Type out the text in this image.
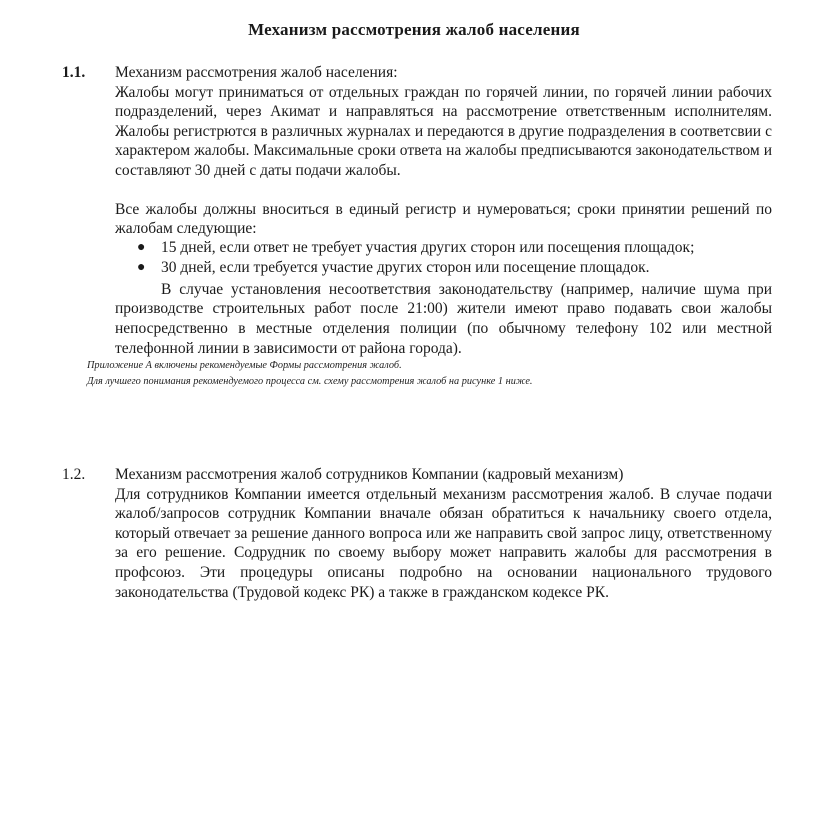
Механизм рассмотрения жалоб населения
1.1. Механизм рассмотрения жалоб населения:

Жалобы могут приниматься от отдельных граждан по горячей линии, по горячей линии рабочих подразделений, через Акимат и направляться на рассмотрение ответственным исполнителям. Жалобы регистрются в различных журналах и передаются в другие подразделения в соответсвии с характером жалобы. Максимальные сроки ответа на жалобы предписываются законодательством и составляют 30 дней с даты подачи жалобы.

Все жалобы должны вноситься в единый регистр и нумероваться; сроки принятии решений по жалобам следующие:

● 15 дней, если ответ не требует участия других сторон или посещения площадок;
● 30 дней, если требуется участие других сторон или посещение площадок.

В случае установления несоответствия законодательству (например, наличие шума при производстве строительных работ после 21:00) жители имеют право подавать свои жалобы непосредственно в местные отделения полиции (по обычному телефону 102 или местной телефонной линии в зависимости от района города).

Приложение А включены рекомендуемые Формы рассмотрения жалоб.
Для лучшего понимания рекомендуемого процесса см. схему рассмотрения жалоб на рисунке 1 ниже.
1.2. Механизм рассмотрения жалоб сотрудников Компании (кадровый механизм)

Для сотрудников Компании имеется отдельный механизм рассмотрения жалоб. В случае подачи жалоб/запросов сотрудник Компании вначале обязан обратиться к начальнику своего отдела, который отвечает за решение данного вопроса или же направить свой запрос лицу, ответственному за его решение. Содрудник по своему выбору может направить жалобы для рассмотрения в профсоюз. Эти процедуры описаны подробно на основании национального трудового законодательства (Трудовой кодекс РК) а также в гражданском кодексе РК.
